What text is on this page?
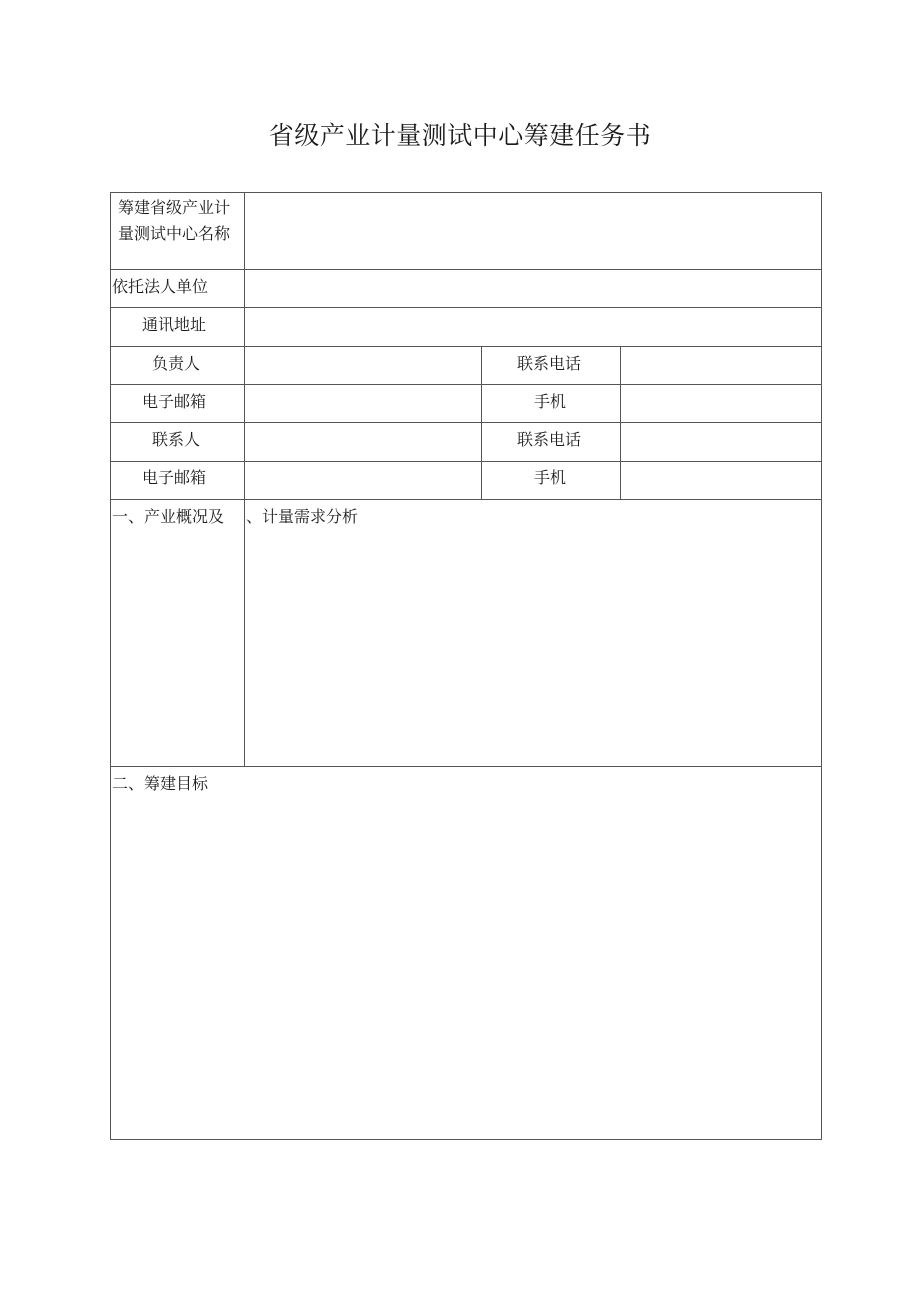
省级产业计量测试中心筹建任务书
筹建省级产业计
量测试中心名称
依托法人单位
通讯地址
负责人	联系电话
电子邮箱	手机
联系人	联系电话
电子邮箱	手机
一、产业概况及 、计量需求分析
二、筹建目标
